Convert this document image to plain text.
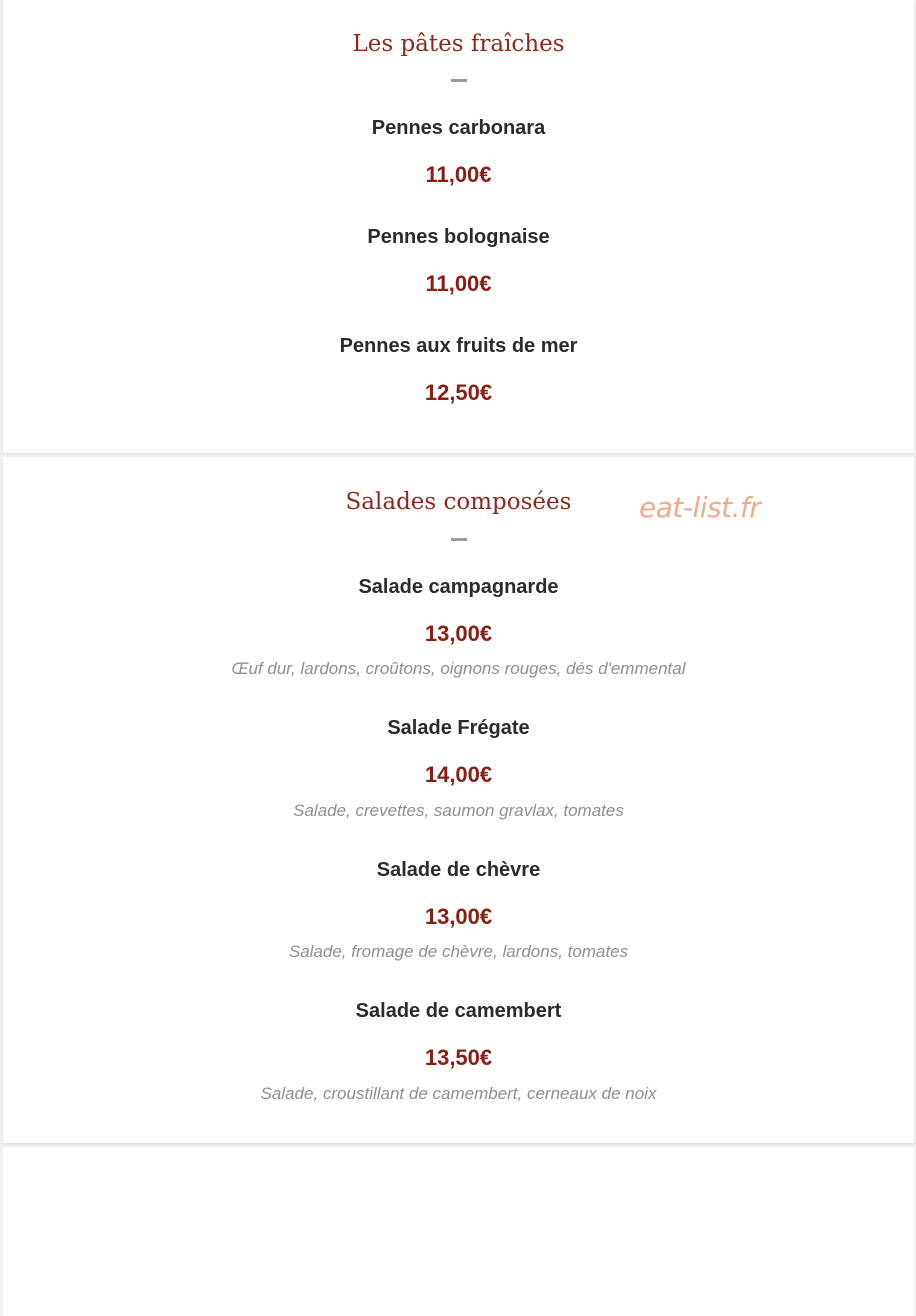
Les pâtes fraîches
Pennes carbonara
11,00€
Pennes bolognaise
11,00€
Pennes aux fruits de mer
12,50€
Salades composées	eat-list.fr
Salade campagnarde
13,00€
Œuf dur, lardons, croûtons, oignons rouges, dés d'emmental
Salade Frégate
14,00€
Salade, crevettes, saumon gravlax, tomates
Salade de chèvre
13,00€
Salade, fromage de chèvre, lardons, tomates
Salade de camembert
13,50€
Salade, croustillant de camembert, cerneaux de noix
